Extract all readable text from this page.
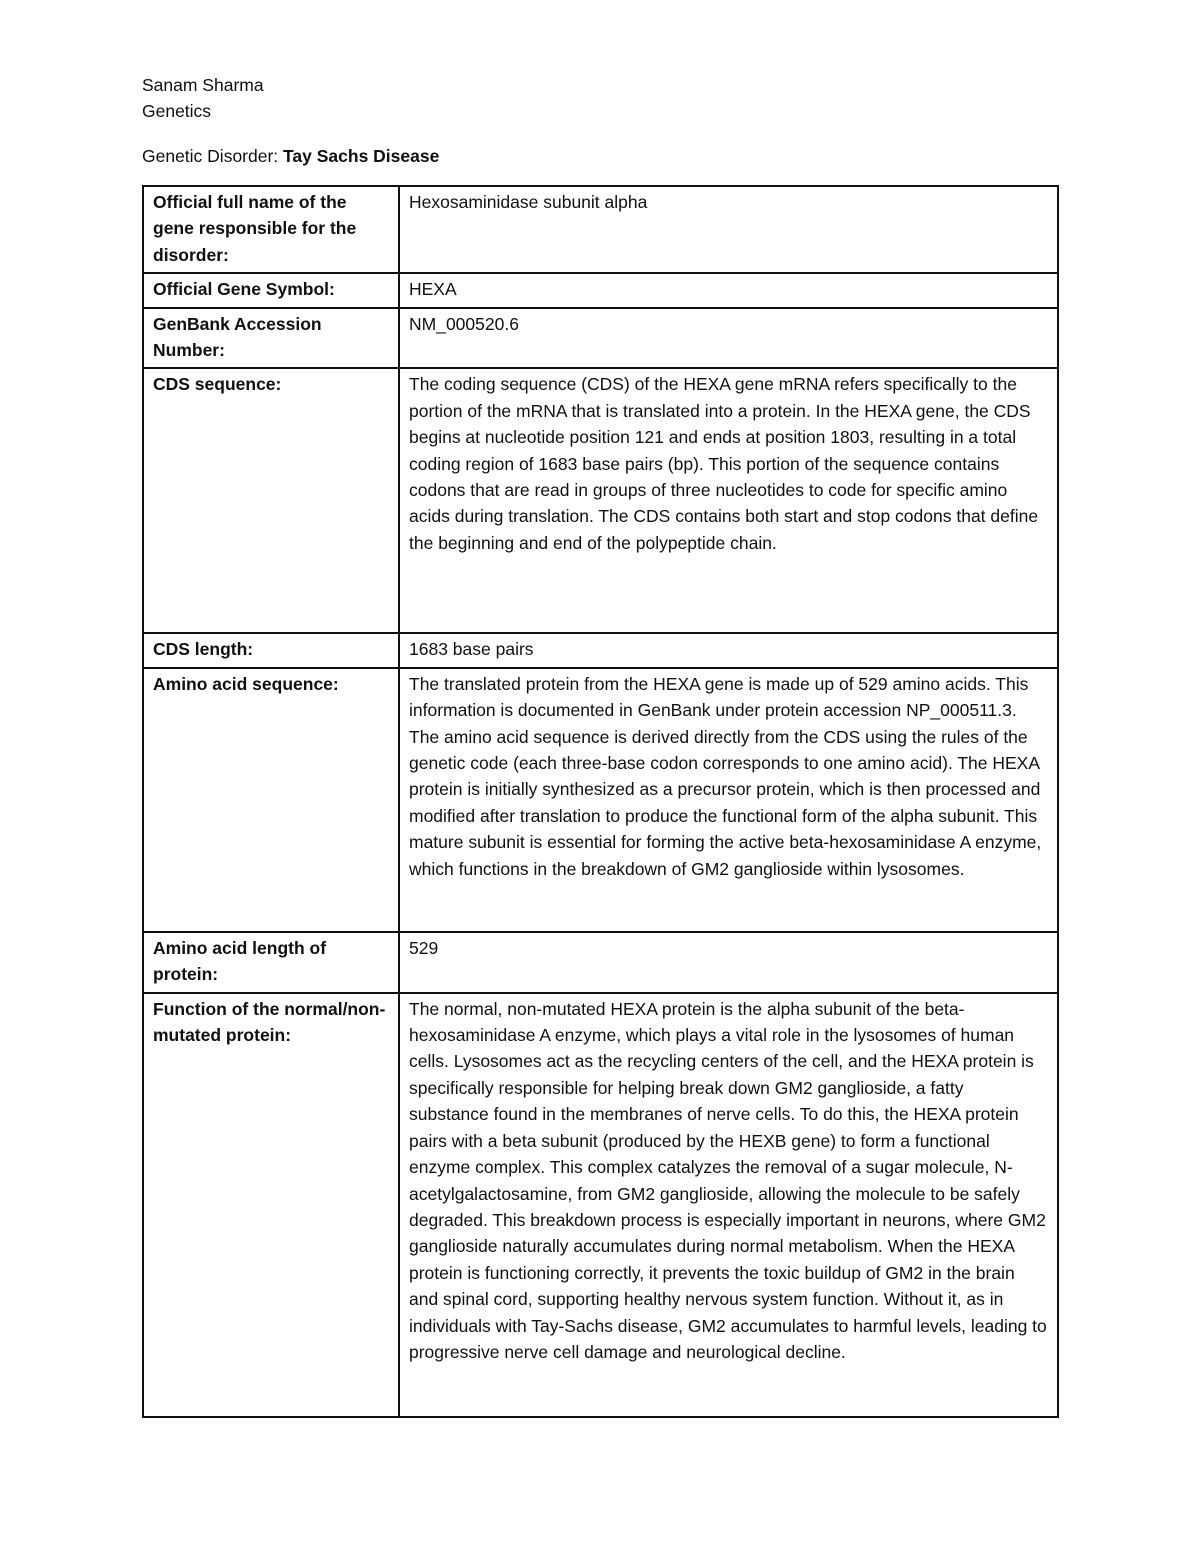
Sanam Sharma
Genetics
Genetic Disorder: Tay Sachs Disease
Official full name of the gene responsible for the disorder:	Hexosaminidase subunit alpha

Official Gene Symbol:	HEXA

GenBank Accession Number:	NM_000520.6

CDS sequence:	The coding sequence (CDS) of the HEXA gene mRNA refers specifically to the portion of the mRNA that is translated into a protein. In the HEXA gene, the CDS begins at nucleotide position 121 and ends at position 1803, resulting in a total coding region of 1683 base pairs (bp). This portion of the sequence contains codons that are read in groups of three nucleotides to code for specific amino acids during translation. The CDS contains both start and stop codons that define the beginning and end of the polypeptide chain.

CDS length:	1683 base pairs

Amino acid sequence:	The translated protein from the HEXA gene is made up of 529 amino acids. This information is documented in GenBank under protein accession NP_000511.3. The amino acid sequence is derived directly from the CDS using the rules of the genetic code (each three-base codon corresponds to one amino acid). The HEXA protein is initially synthesized as a precursor protein, which is then processed and modified after translation to produce the functional form of the alpha subunit. This mature subunit is essential for forming the active beta-hexosaminidase A enzyme, which functions in the breakdown of GM2 ganglioside within lysosomes.

Amino acid length of protein:	529

Function of the normal/non-mutated protein:	The normal, non-mutated HEXA protein is the alpha subunit of the beta-hexosaminidase A enzyme, which plays a vital role in the lysosomes of human cells. Lysosomes act as the recycling centers of the cell, and the HEXA protein is specifically responsible for helping break down GM2 ganglioside, a fatty substance found in the membranes of nerve cells. To do this, the HEXA protein pairs with a beta subunit (produced by the HEXB gene) to form a functional enzyme complex. This complex catalyzes the removal of a sugar molecule, N-acetylgalactosamine, from GM2 ganglioside, allowing the molecule to be safely degraded. This breakdown process is especially important in neurons, where GM2 ganglioside naturally accumulates during normal metabolism. When the HEXA protein is functioning correctly, it prevents the toxic buildup of GM2 in the brain and spinal cord, supporting healthy nervous system function. Without it, as in individuals with Tay-Sachs disease, GM2 accumulates to harmful levels, leading to progressive nerve cell damage and neurological decline.
